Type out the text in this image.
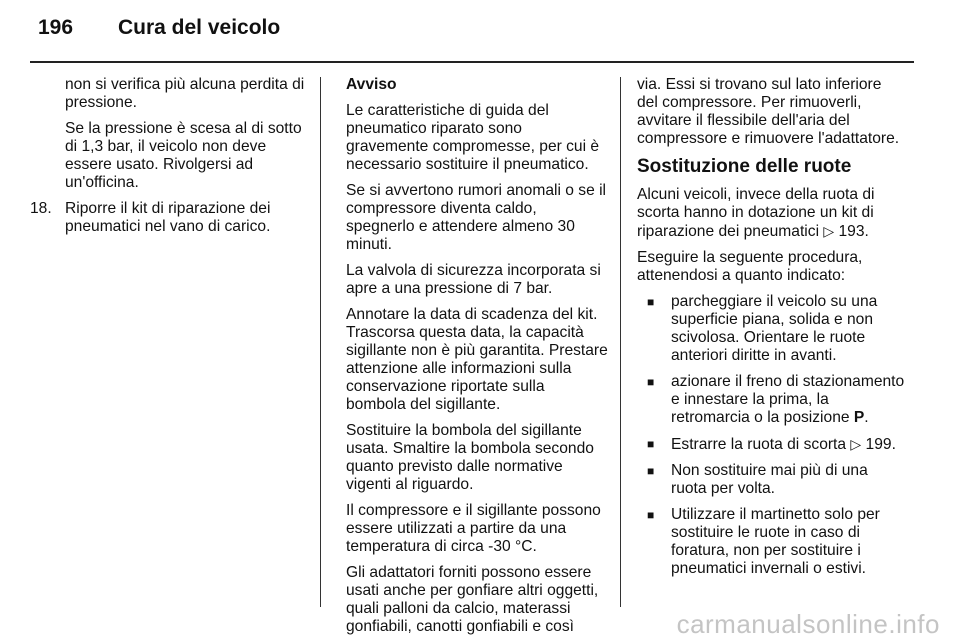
196 Cura del veicolo

non si verifica più alcuna perdita di pressione.

Se la pressione è scesa al di sotto di 1,3 bar, il veicolo non deve essere usato. Rivolgersi ad un'officina.

18. Riporre il kit di riparazione dei pneumatici nel vano di carico.

Avviso

Le caratteristiche di guida del pneumatico riparato sono gravemente compromesse, per cui è necessario sostituire il pneumatico.

Se si avvertono rumori anomali o se il compressore diventa caldo, spegnerlo e attendere almeno 30 minuti.

La valvola di sicurezza incorporata si apre a una pressione di 7 bar.

Annotare la data di scadenza del kit. Trascorsa questa data, la capacità sigillante non è più garantita. Prestare attenzione alle informazioni sulla conservazione riportate sulla bombola del sigillante.

Sostituire la bombola del sigillante usata. Smaltire la bombola secondo quanto previsto dalle normative vigenti al riguardo.

Il compressore e il sigillante possono essere utilizzati a partire da una temperatura di circa -30 °C.

Gli adattatori forniti possono essere usati anche per gonfiare altri oggetti, quali palloni da calcio, materassi gonfiabili, canotti gonfiabili e così

via. Essi si trovano sul lato inferiore del compressore. Per rimuoverli, avvitare il flessibile dell'aria del compressore e rimuovere l'adattatore.

Sostituzione delle ruote

Alcuni veicoli, invece della ruota di scorta hanno in dotazione un kit di riparazione dei pneumatici ▷ 193.

Eseguire la seguente procedura, attenendosi a quanto indicato:

■	parcheggiare il veicolo su una superficie piana, solida e non scivolosa. Orientare le ruote anteriori diritte in avanti.
■	azionare il freno di stazionamento e innestare la prima, la retromarcia o la posizione P.
■	Estrarre la ruota di scorta ▷ 199.
■	Non sostituire mai più di una ruota per volta.
■	Utilizzare il martinetto solo per sostituire le ruote in caso di foratura, non per sostituire i pneumatici invernali o estivi.
carmanualsonline.info
